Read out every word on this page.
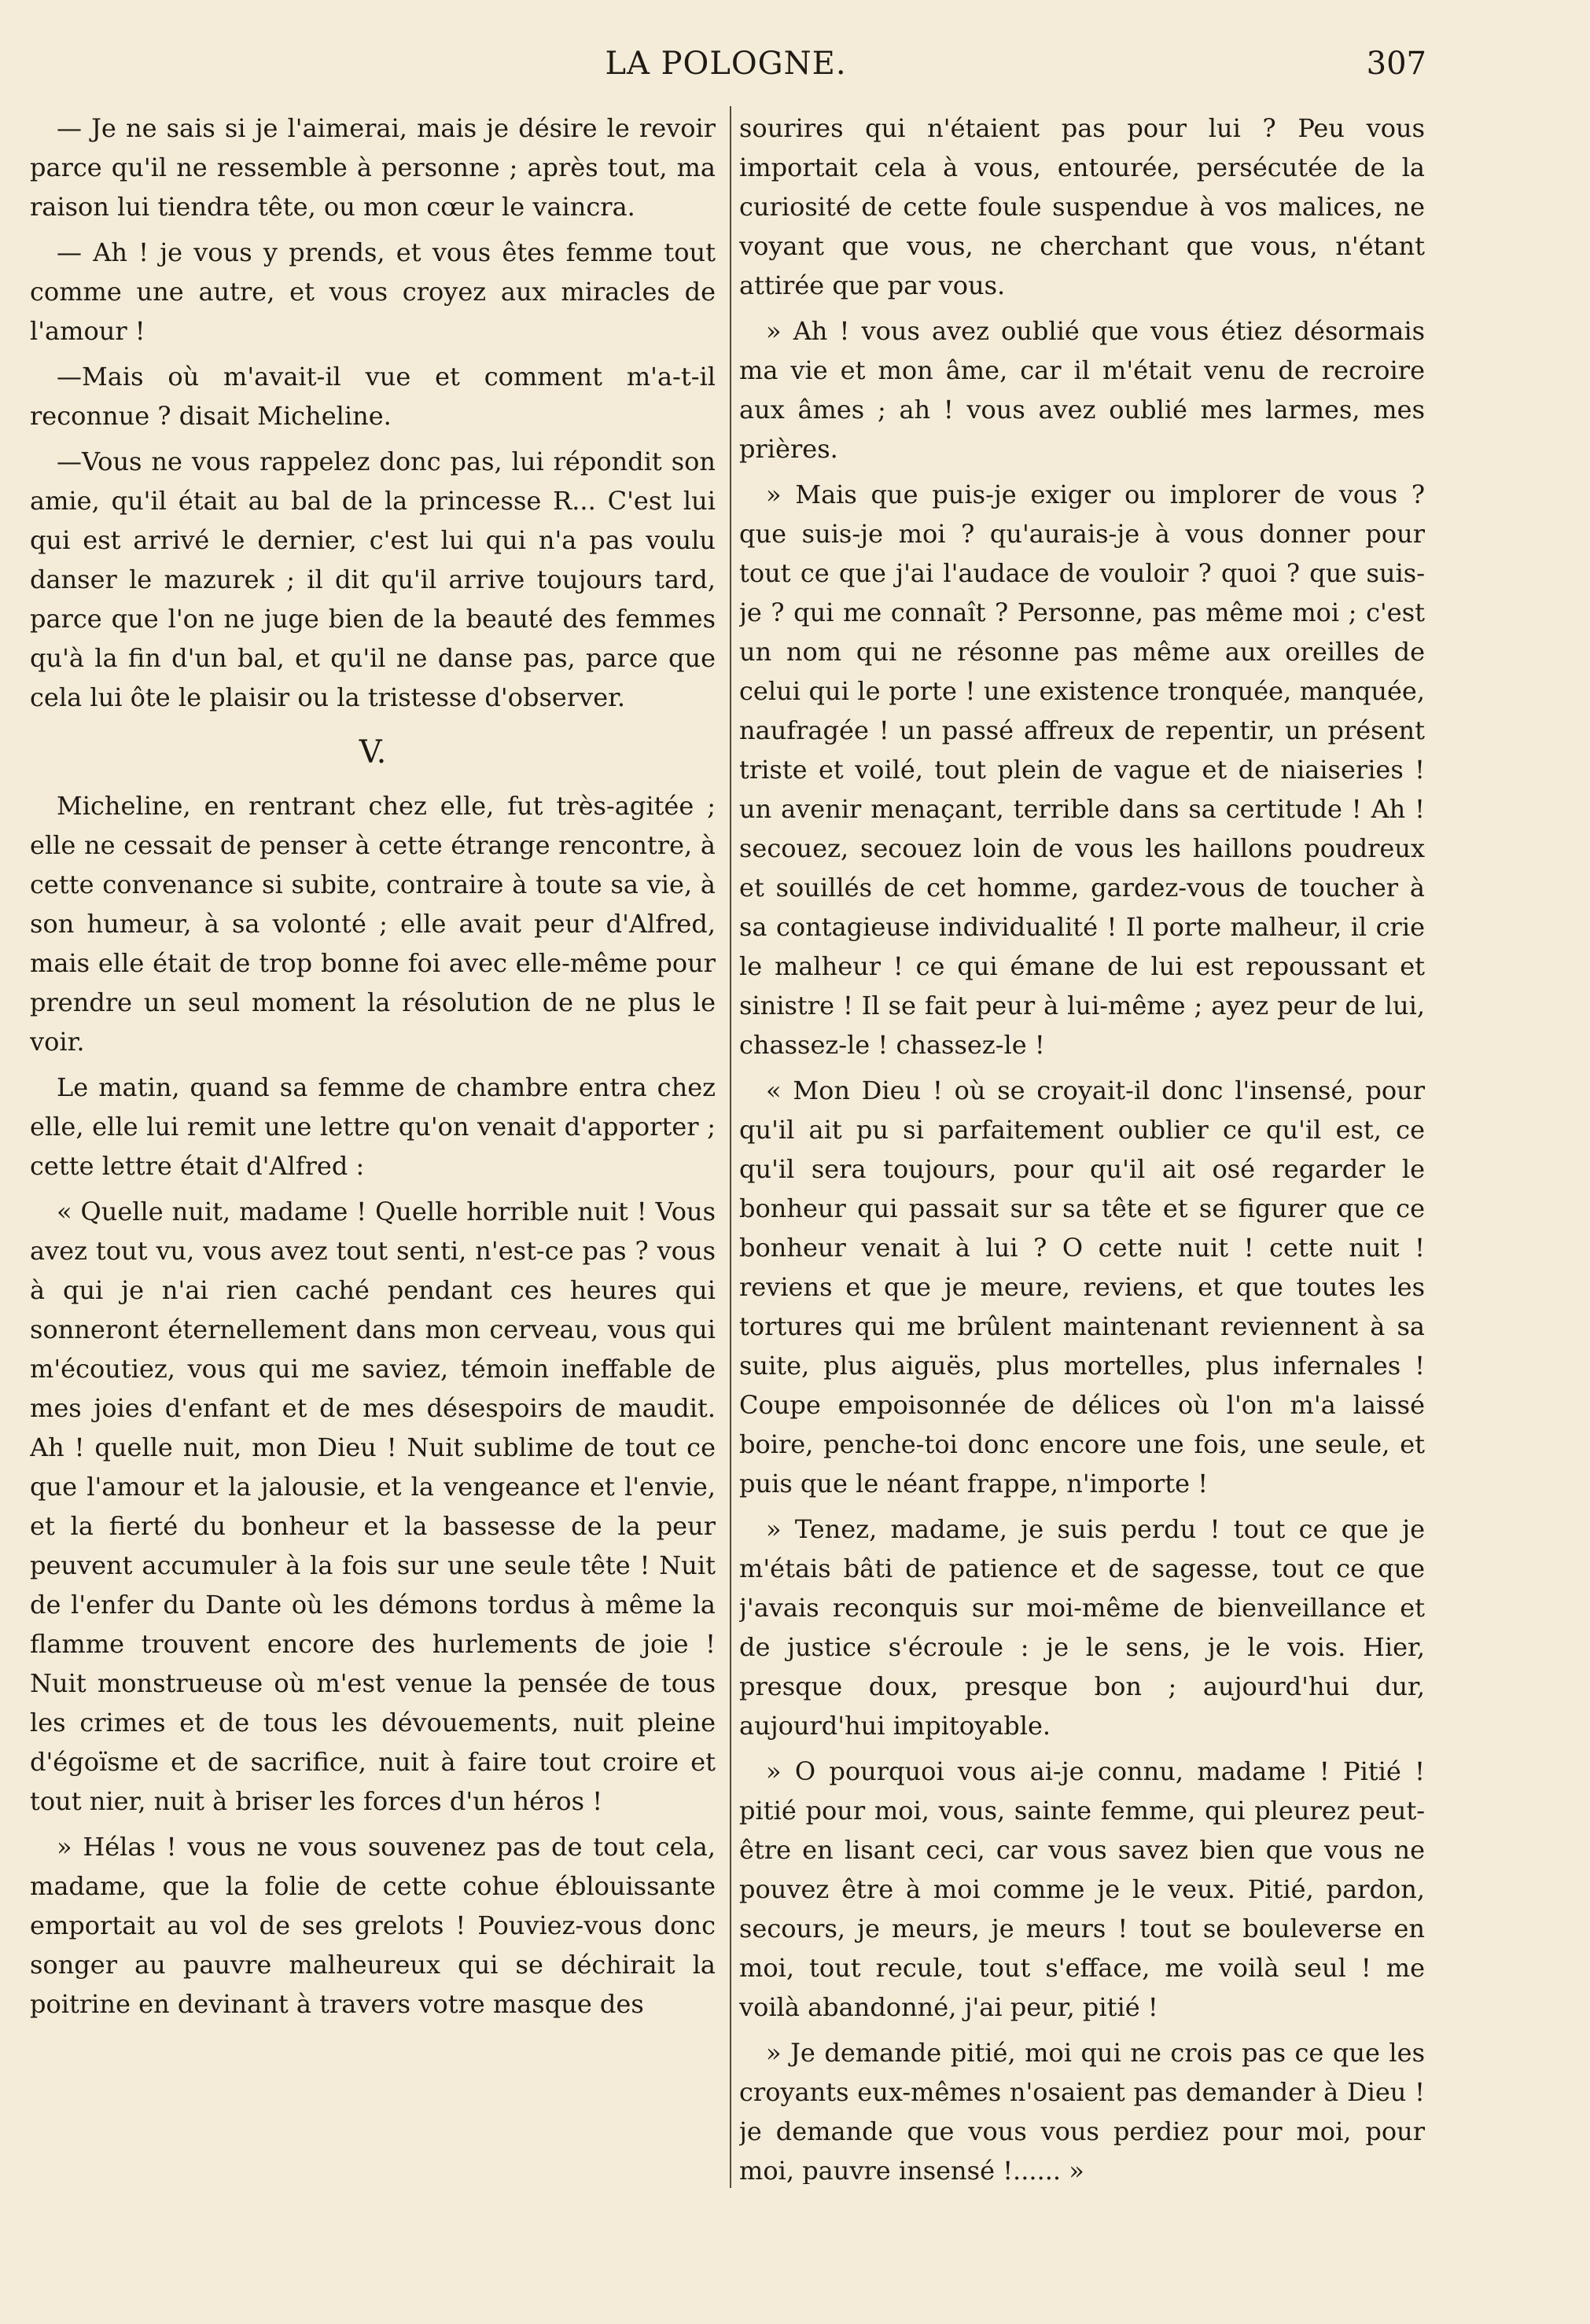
LA POLOGNE.	307

— Je ne sais si je l'aimerai, mais je désire le revoir parce qu'il ne ressemble à personne ; après tout, ma raison lui tiendra tête, ou mon cœur le vaincra.

— Ah ! je vous y prends, et vous êtes femme tout comme une autre, et vous croyez aux miracles de l'amour !

—Mais où m'avait-il vue et comment m'a-t-il reconnue ? disait Micheline.

—Vous ne vous rappelez donc pas, lui répondit son amie, qu'il était au bal de la princesse R... C'est lui qui est arrivé le dernier, c'est lui qui n'a pas voulu danser le mazurek ; il dit qu'il arrive toujours tard, parce que l'on ne juge bien de la beauté des femmes qu'à la fin d'un bal, et qu'il ne danse pas, parce que cela lui ôte le plaisir ou la tristesse d'observer.

V.

Micheline, en rentrant chez elle, fut très-agitée ; elle ne cessait de penser à cette étrange rencontre, à cette convenance si subite, contraire à toute sa vie, à son humeur, à sa volonté ; elle avait peur d'Alfred, mais elle était de trop bonne foi avec elle-même pour prendre un seul moment la résolution de ne plus le voir.

Le matin, quand sa femme de chambre entra chez elle, elle lui remit une lettre qu'on venait d'apporter ; cette lettre était d'Alfred :

« Quelle nuit, madame ! Quelle horrible nuit ! Vous avez tout vu, vous avez tout senti, n'est-ce pas ? vous à qui je n'ai rien caché pendant ces heures qui sonneront éternellement dans mon cerveau, vous qui m'écoutiez, vous qui me saviez, témoin ineffable de mes joies d'enfant et de mes désespoirs de maudit. Ah ! quelle nuit, mon Dieu ! Nuit sublime de tout ce que l'amour et la jalousie, et la vengeance et l'envie, et la fierté du bonheur et la bassesse de la peur peuvent accumuler à la fois sur une seule tête ! Nuit de l'enfer du Dante où les démons tordus à même la flamme trouvent encore des hurlements de joie ! Nuit monstrueuse où m'est venue la pensée de tous les crimes et de tous les dévouements, nuit pleine d'égoïsme et de sacrifice, nuit à faire tout croire et tout nier, nuit à briser les forces d'un héros !

» Hélas ! vous ne vous souvenez pas de tout cela, madame, que la folie de cette cohue éblouissante emportait au vol de ses grelots ! Pouviez-vous donc songer au pauvre malheureux qui se déchirait la poitrine en devinant à travers votre masque des

sourires qui n'étaient pas pour lui ? Peu vous importait cela à vous, entourée, persécutée de la curiosité de cette foule suspendue à vos malices, ne voyant que vous, ne cherchant que vous, n'étant attirée que par vous.

» Ah ! vous avez oublié que vous étiez désormais ma vie et mon âme, car il m'était venu de recroire aux âmes ; ah ! vous avez oublié mes larmes, mes prières.

» Mais que puis-je exiger ou implorer de vous ? que suis-je moi ? qu'aurais-je à vous donner pour tout ce que j'ai l'audace de vouloir ? quoi ? que suis-je ? qui me connaît ? Personne, pas même moi ; c'est un nom qui ne résonne pas même aux oreilles de celui qui le porte ! une existence tronquée, manquée, naufragée ! un passé affreux de repentir, un présent triste et voilé, tout plein de vague et de niaiseries ! un avenir menaçant, terrible dans sa certitude ! Ah ! secouez, secouez loin de vous les haillons poudreux et souillés de cet homme, gardez-vous de toucher à sa contagieuse individualité ! Il porte malheur, il crie le malheur ! ce qui émane de lui est repoussant et sinistre ! Il se fait peur à lui-même ; ayez peur de lui, chassez-le ! chassez-le !

« Mon Dieu ! où se croyait-il donc l'insensé, pour qu'il ait pu si parfaitement oublier ce qu'il est, ce qu'il sera toujours, pour qu'il ait osé regarder le bonheur qui passait sur sa tête et se figurer que ce bonheur venait à lui ? O cette nuit ! cette nuit ! reviens et que je meure, reviens, et que toutes les tortures qui me brûlent maintenant reviennent à sa suite, plus aiguës, plus mortelles, plus infernales ! Coupe empoisonnée de délices où l'on m'a laissé boire, penche-toi donc encore une fois, une seule, et puis que le néant frappe, n'importe !

» Tenez, madame, je suis perdu ! tout ce que je m'étais bâti de patience et de sagesse, tout ce que j'avais reconquis sur moi-même de bienveillance et de justice s'écroule : je le sens, je le vois. Hier, presque doux, presque bon ; aujourd'hui dur, aujourd'hui impitoyable.

» O pourquoi vous ai-je connu, madame ! Pitié ! pitié pour moi, vous, sainte femme, qui pleurez peut-être en lisant ceci, car vous savez bien que vous ne pouvez être à moi comme je le veux. Pitié, pardon, secours, je meurs, je meurs ! tout se bouleverse en moi, tout recule, tout s'efface, me voilà seul ! me voilà abandonné, j'ai peur, pitié !

» Je demande pitié, moi qui ne crois pas ce que les croyants eux-mêmes n'osaient pas demander à Dieu ! je demande que vous vous perdiez pour moi, pour moi, pauvre insensé !...... »
